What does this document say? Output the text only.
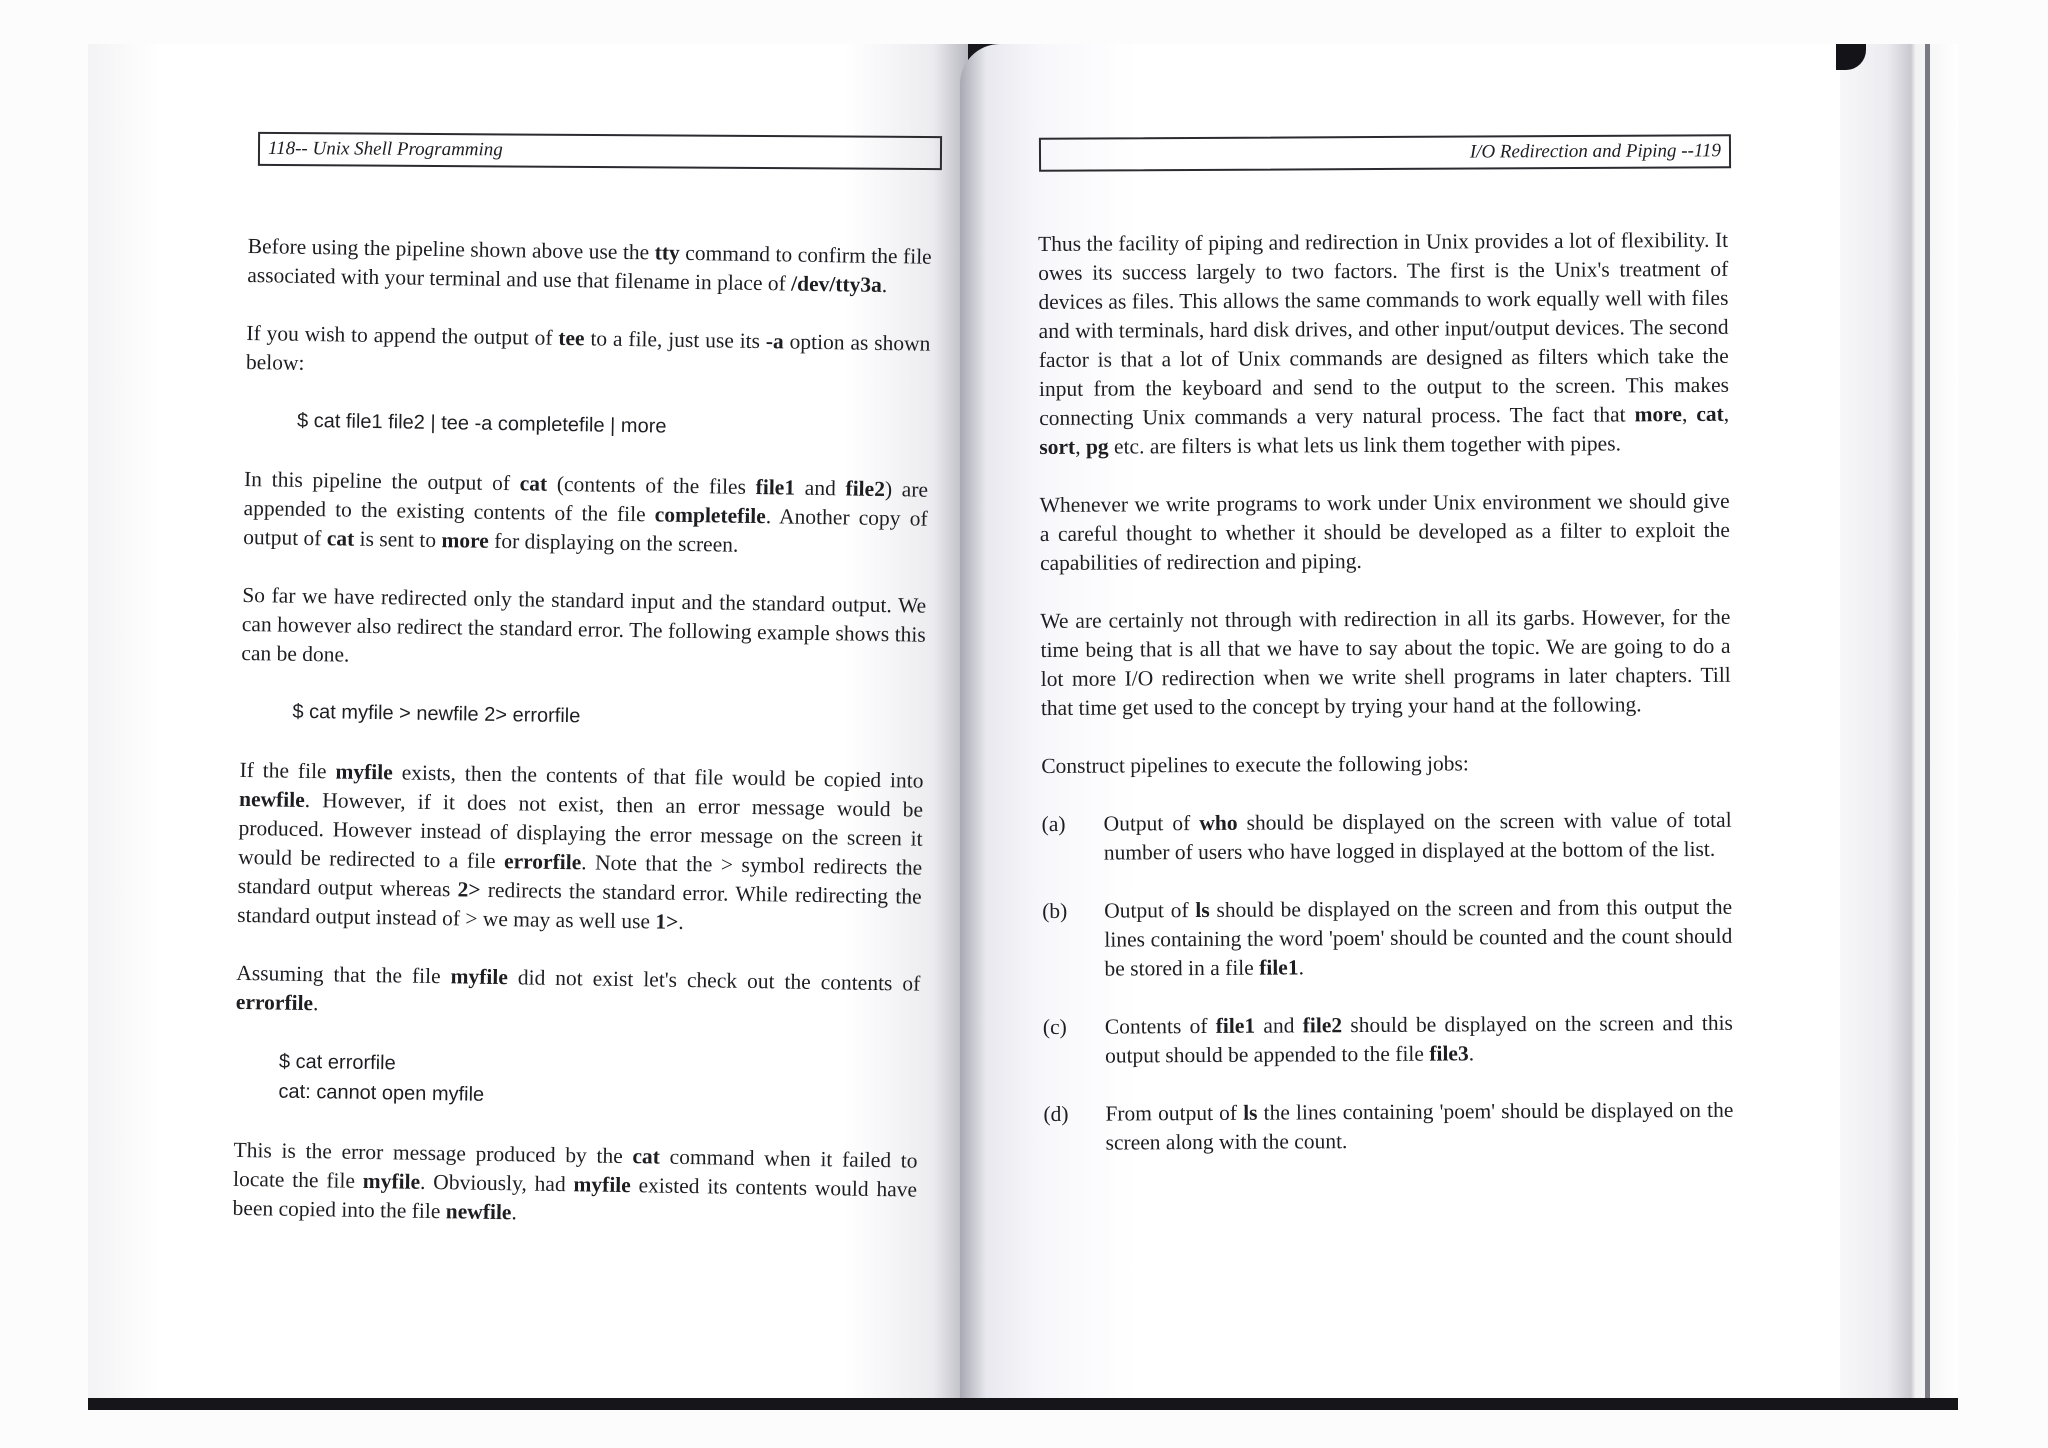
118-- Unix Shell Programming

Before using the pipeline shown above use the tty command to confirm the file associated with your terminal and use that filename in place of /dev/tty3a.

If you wish to append the output of tee to a file, just use its -a option as shown below:

$ cat file1 file2 | tee -a completefile | more

In this pipeline the output of cat (contents of the files file1 and file2) are appended to the existing contents of the file completefile. Another copy of output of cat is sent to more for displaying on the screen.

So far we have redirected only the standard input and the standard output. We can however also redirect the standard error. The following example shows this can be done.

$ cat myfile > newfile 2> errorfile

If the file myfile exists, then the contents of that file would be copied into newfile. However, if it does not exist, then an error message would be produced. However instead of displaying the error message on the screen it would be redirected to a file errorfile. Note that the > symbol redirects the standard output whereas 2> redirects the standard error. While redirecting the standard output instead of > we may as well use 1>.

Assuming that the file myfile did not exist let's check out the contents of errorfile.

$ cat errorfile
cat: cannot open myfile

This is the error message produced by the cat command when it failed to locate the file myfile. Obviously, had myfile existed its contents would have been copied into the file newfile.

I/O Redirection and Piping --119

Thus the facility of piping and redirection in Unix provides a lot of flexibility. It owes its success largely to two factors. The first is the Unix's treatment of devices as files. This allows the same commands to work equally well with files and with terminals, hard disk drives, and other input/output devices. The second factor is that a lot of Unix commands are designed as filters which take the input from the keyboard and send to the output to the screen. This makes connecting Unix commands a very natural process. The fact that more, cat, sort, pg etc. are filters is what lets us link them together with pipes.

Whenever we write programs to work under Unix environment we should give a careful thought to whether it should be developed as a filter to exploit the capabilities of redirection and piping.

We are certainly not through with redirection in all its garbs. However, for the time being that is all that we have to say about the topic. We are going to do a lot more I/O redirection when we write shell programs in later chapters. Till that time get used to the concept by trying your hand at the following.

Construct pipelines to execute the following jobs:

(a)	Output of who should be displayed on the screen with value of total number of users who have logged in displayed at the bottom of the list.
(b)	Output of ls should be displayed on the screen and from this output the lines containing the word 'poem' should be counted and the count should be stored in a file file1.
(c)	Contents of file1 and file2 should be displayed on the screen and this output should be appended to the file file3.
(d)	From output of ls the lines containing 'poem' should be displayed on the screen along with the count.
